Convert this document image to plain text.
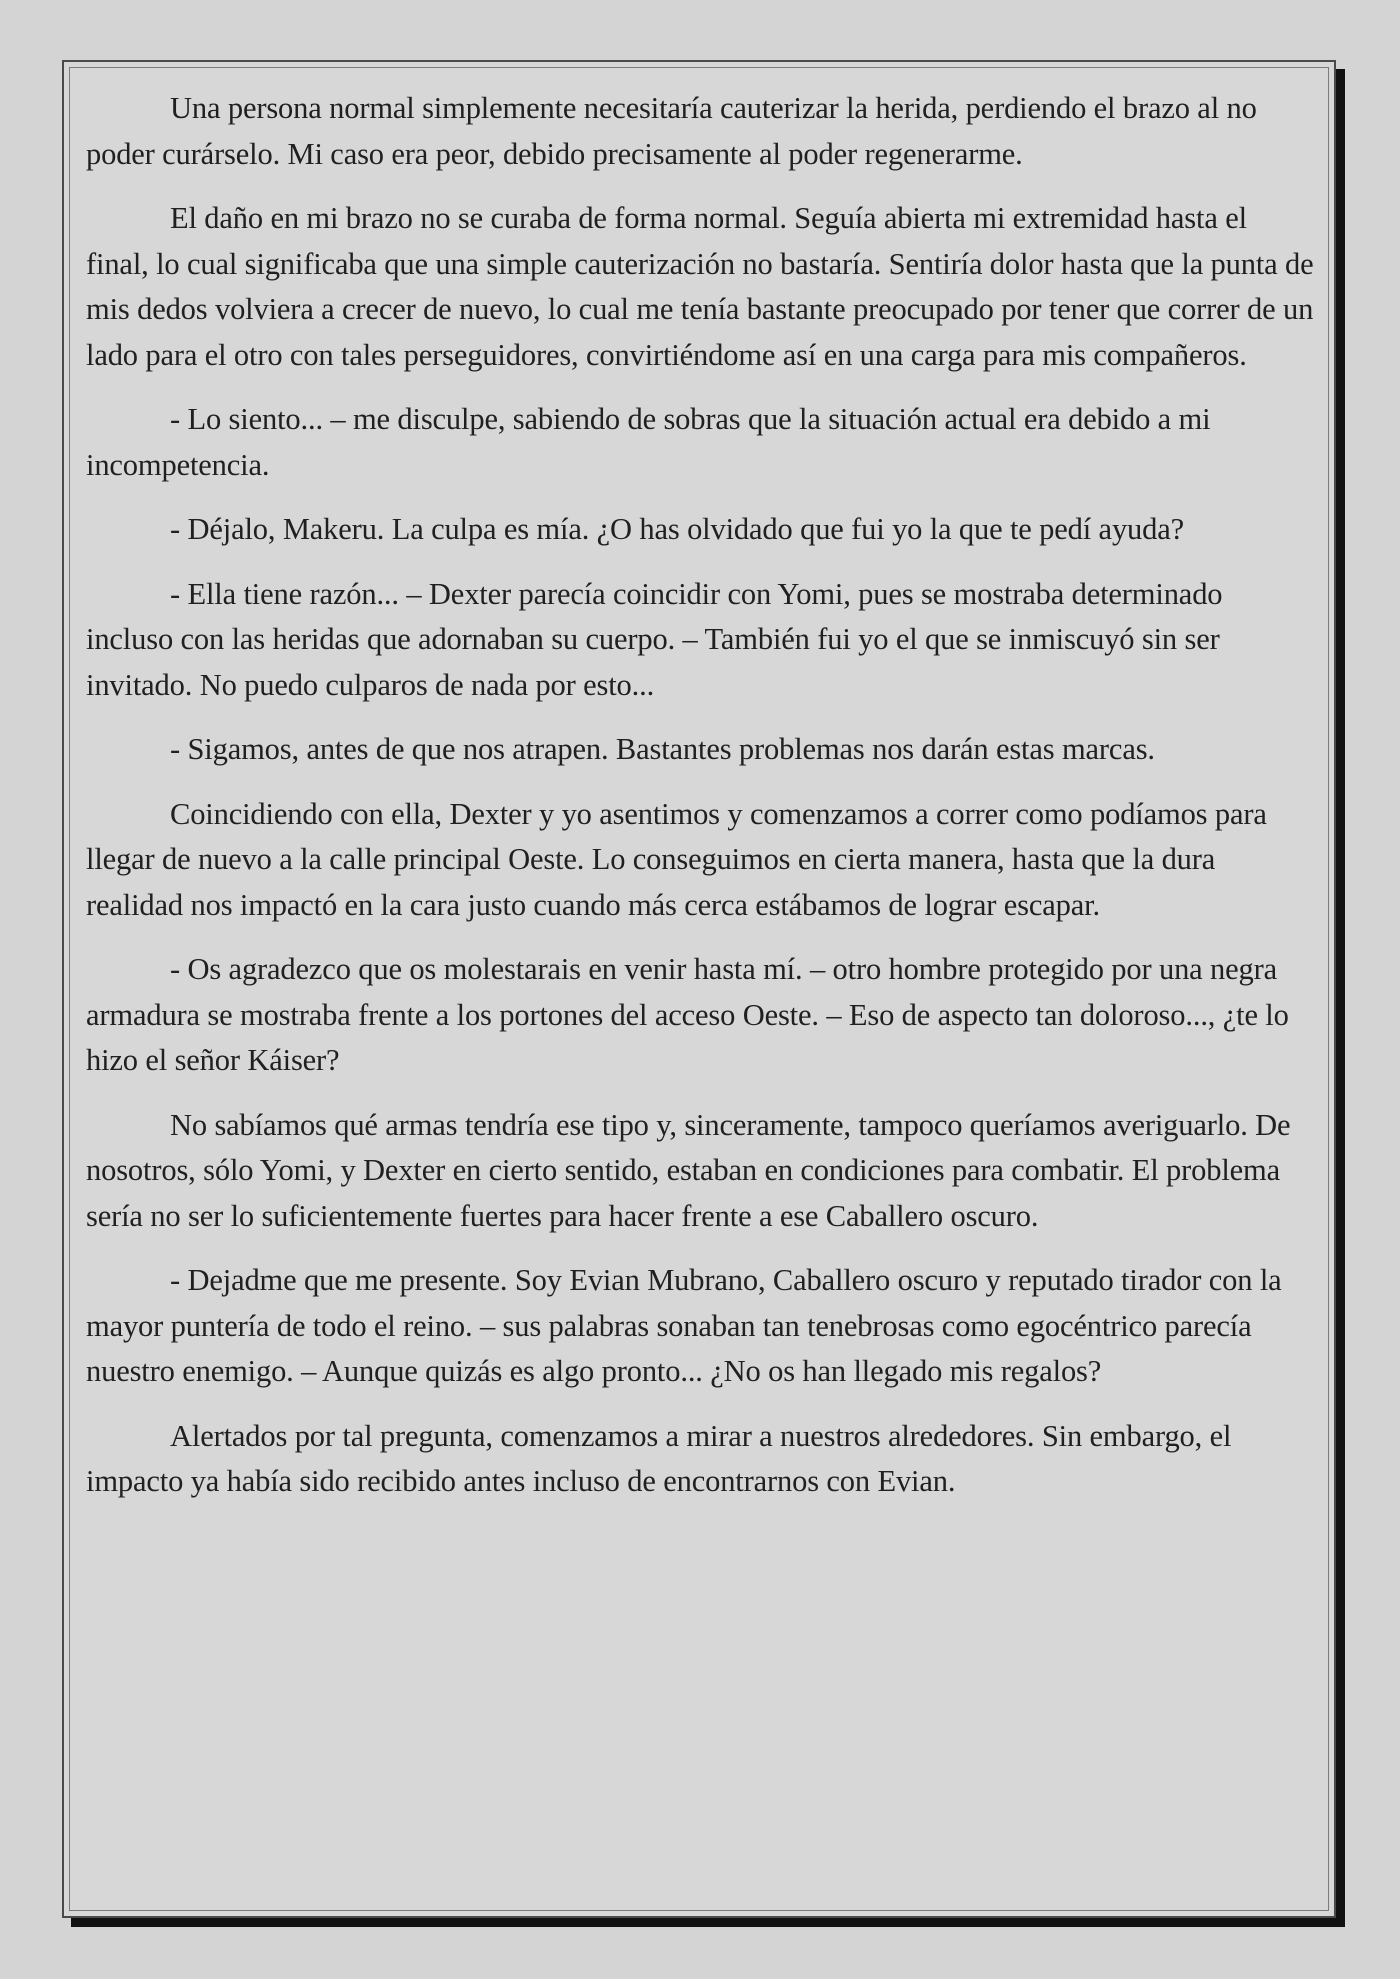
Una persona normal simplemente necesitaría cauterizar la herida, perdiendo el brazo al no poder curárselo. Mi caso era peor, debido precisamente al poder regenerarme.

El daño en mi brazo no se curaba de forma normal. Seguía abierta mi extremidad hasta el final, lo cual significaba que una simple cauterización no bastaría. Sentiría dolor hasta que la punta de mis dedos volviera a crecer de nuevo, lo cual me tenía bastante preocupado por tener que correr de un lado para el otro con tales perseguidores, convirtiéndome así en una carga para mis compañeros.

- Lo siento... – me disculpe, sabiendo de sobras que la situación actual era debido a mi incompetencia.

- Déjalo, Makeru. La culpa es mía. ¿O has olvidado que fui yo la que te pedí ayuda?

- Ella tiene razón... – Dexter parecía coincidir con Yomi, pues se mostraba determinado incluso con las heridas que adornaban su cuerpo. – También fui yo el que se inmiscuyó sin ser invitado. No puedo culparos de nada por esto...

- Sigamos, antes de que nos atrapen. Bastantes problemas nos darán estas marcas.

Coincidiendo con ella, Dexter y yo asentimos y comenzamos a correr como podíamos para llegar de nuevo a la calle principal Oeste. Lo conseguimos en cierta manera, hasta que la dura realidad nos impactó en la cara justo cuando más cerca estábamos de lograr escapar.

- Os agradezco que os molestarais en venir hasta mí. – otro hombre protegido por una negra armadura se mostraba frente a los portones del acceso Oeste. – Eso de aspecto tan doloroso..., ¿te lo hizo el señor Káiser?

No sabíamos qué armas tendría ese tipo y, sinceramente, tampoco queríamos averiguarlo. De nosotros, sólo Yomi, y Dexter en cierto sentido, estaban en condiciones para combatir. El problema sería no ser lo suficientemente fuertes para hacer frente a ese Caballero oscuro.

- Dejadme que me presente. Soy Evian Mubrano, Caballero oscuro y reputado tirador con la mayor puntería de todo el reino. – sus palabras sonaban tan tenebrosas como egocéntrico parecía nuestro enemigo. – Aunque quizás es algo pronto... ¿No os han llegado mis regalos?

Alertados por tal pregunta, comenzamos a mirar a nuestros alrededores. Sin embargo, el impacto ya había sido recibido antes incluso de encontrarnos con Evian.
